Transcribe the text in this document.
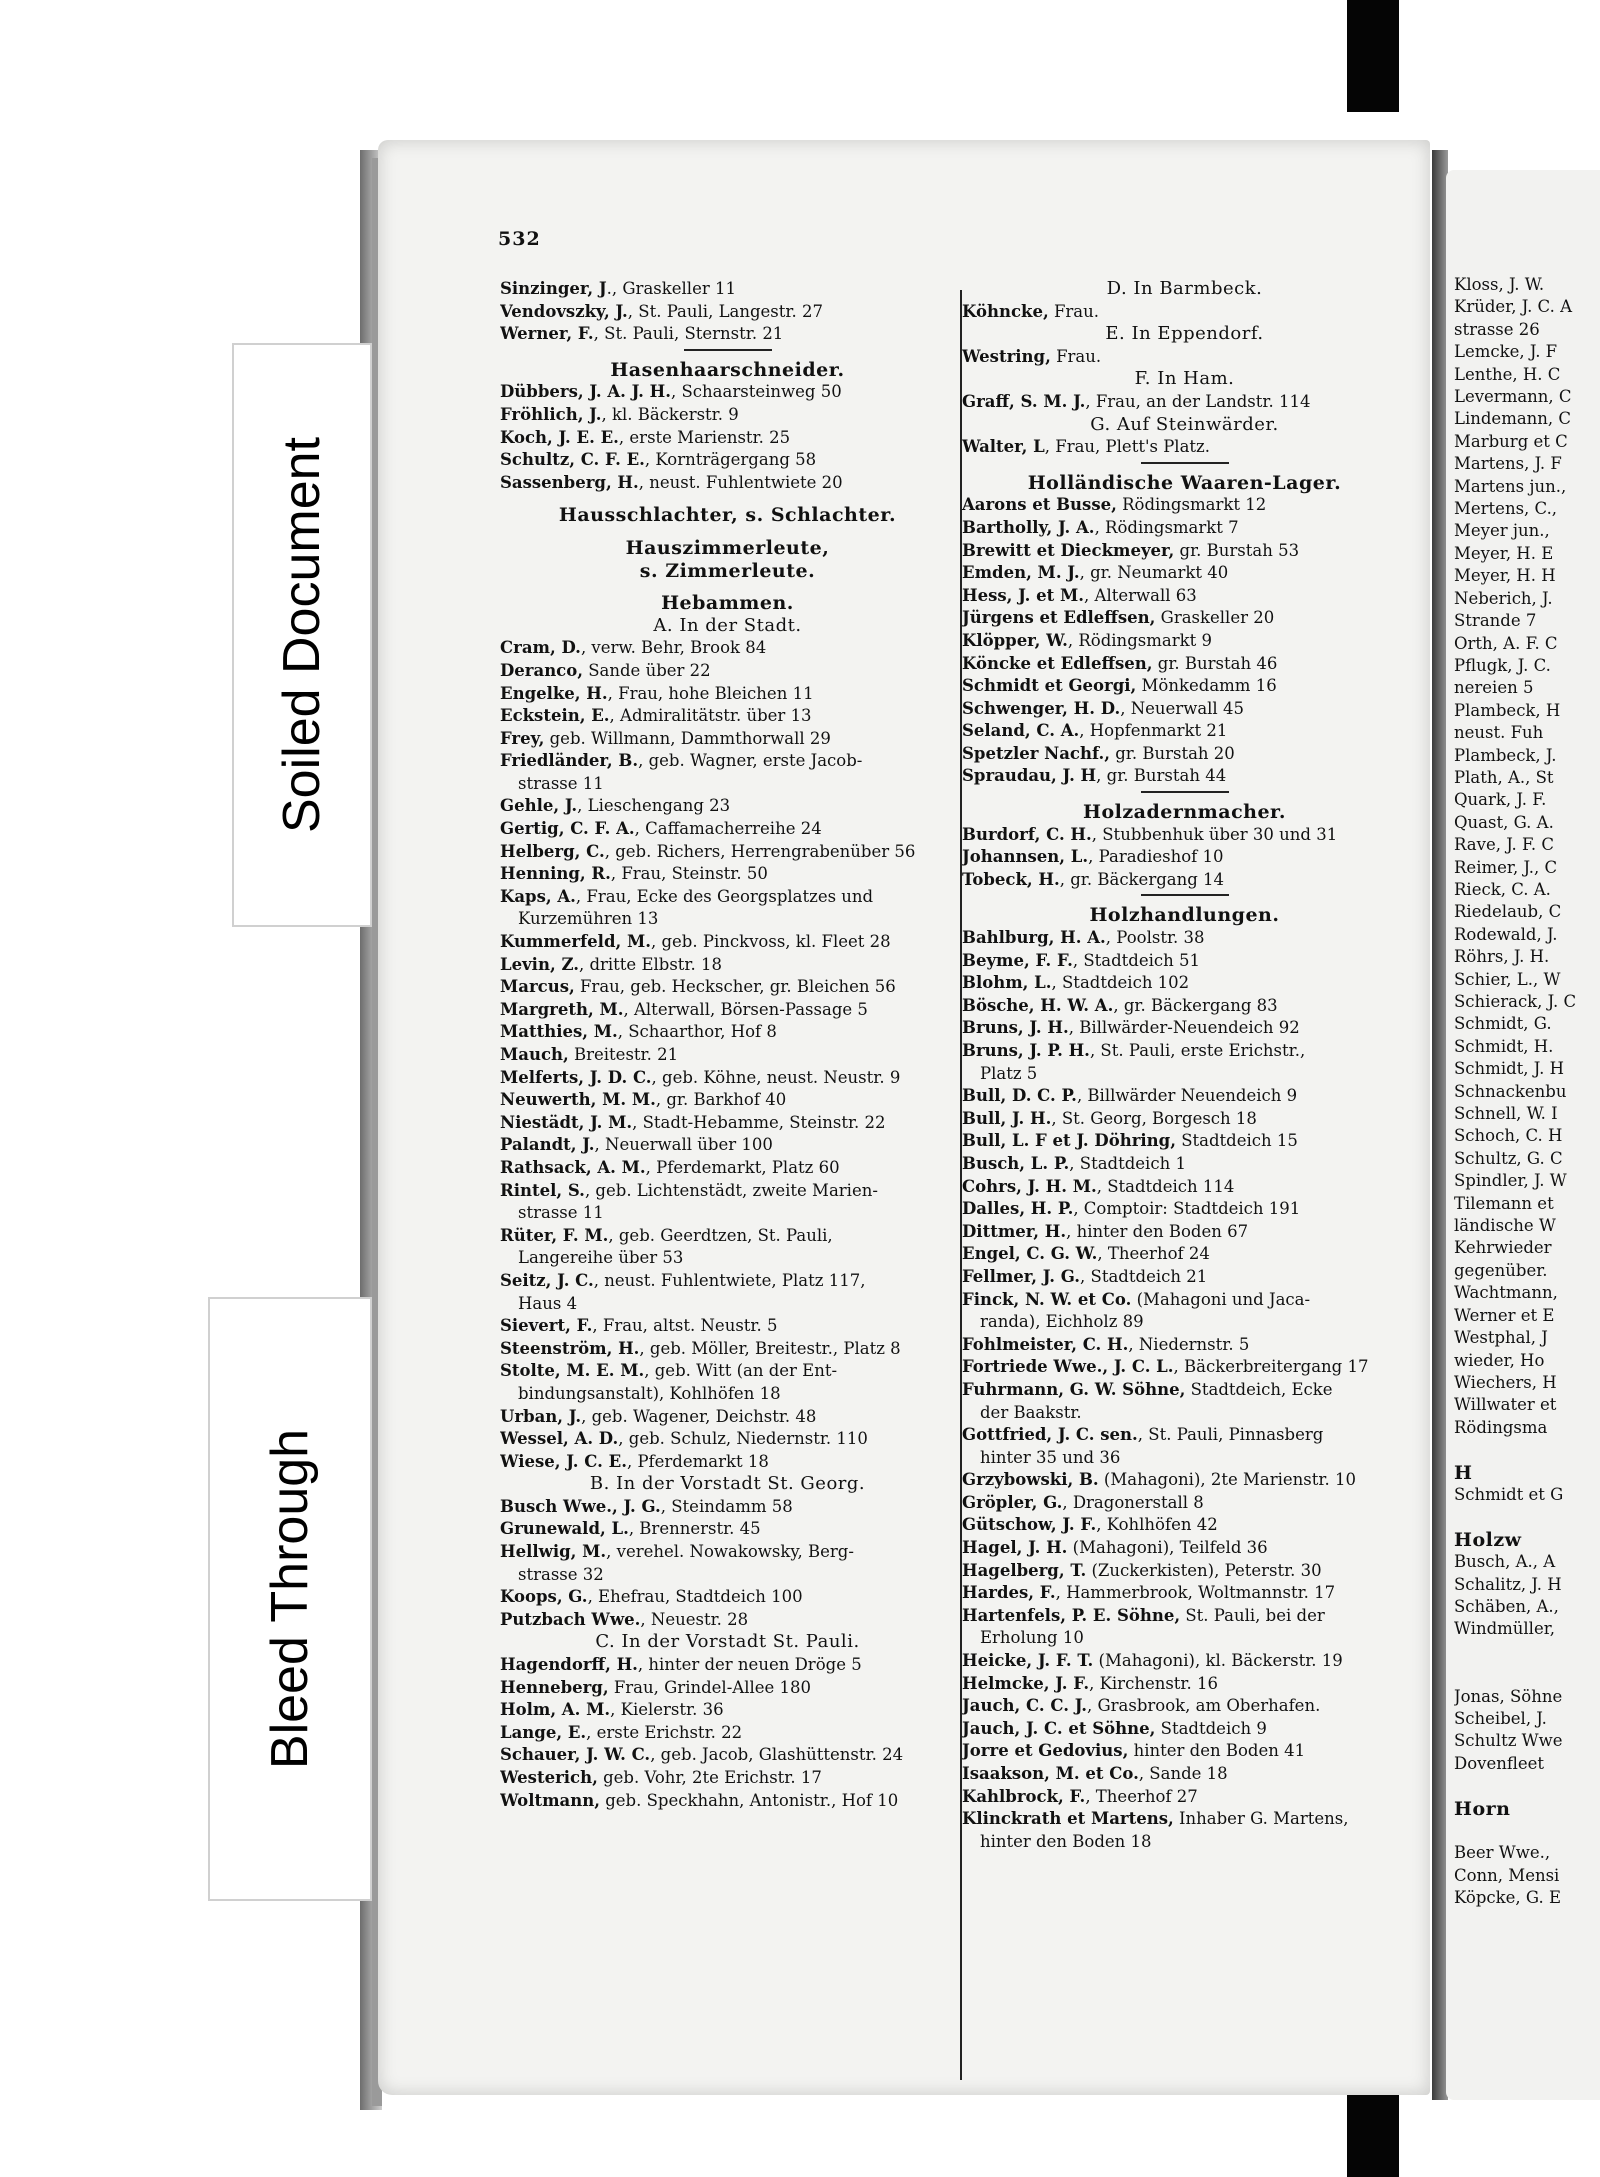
532
Sinzinger, J., Graskeller 11
Vendovszky, J., St. Pauli, Langestr. 27
Werner, F., St. Pauli, Sternstr. 21
Hasenhaarschneider.
Dübbers, J. A. J. H., Schaarsteinweg 50
Fröhlich, J., kl. Bäckerstr. 9
Koch, J. E. E., erste Marienstr. 25
Schultz, C. F. E., Kornträgergang 58
Sassenberg, H., neust. Fuhlentwiete 20
Hausschlachter, s. Schlachter.
Hauszimmerleute,
s. Zimmerleute.
Hebammen.
A. In der Stadt.
Cram, D., verw. Behr, Brook 84
Deranco, Sande über 22
Engelke, H., Frau, hohe Bleichen 11
Eckstein, E., Admiralitätstr. über 13
Frey, geb. Willmann, Dammthorwall 29
Friedländer, B., geb. Wagner, erste Jacob-
strasse 11
Gehle, J., Lieschengang 23
Gertig, C. F. A., Caffamacherreihe 24
Helberg, C., geb. Richers, Herrengrabenüber 56
Henning, R., Frau, Steinstr. 50
Kaps, A., Frau, Ecke des Georgsplatzes und
Kurzemühren 13
Kummerfeld, M., geb. Pinckvoss, kl. Fleet 28
Levin, Z., dritte Elbstr. 18
Marcus, Frau, geb. Heckscher, gr. Bleichen 56
Margreth, M., Alterwall, Börsen-Passage 5
Matthies, M., Schaarthor, Hof 8
Mauch, Breitestr. 21
Melferts, J. D. C., geb. Köhne, neust. Neustr. 9
Neuwerth, M. M., gr. Barkhof 40
Niestädt, J. M., Stadt-Hebamme, Steinstr. 22
Palandt, J., Neuerwall über 100
Rathsack, A. M., Pferdemarkt, Platz 60
Rintel, S., geb. Lichtenstädt, zweite Marien-
strasse 11
Rüter, F. M., geb. Geerdtzen, St. Pauli,
Langereihe über 53
Seitz, J. C., neust. Fuhlentwiete, Platz 117,
Haus 4
Sievert, F., Frau, altst. Neustr. 5
Steenström, H., geb. Möller, Breitestr., Platz 8
Stolte, M. E. M., geb. Witt (an der Ent-
bindungsanstalt), Kohlhöfen 18
Urban, J., geb. Wagener, Deichstr. 48
Wessel, A. D., geb. Schulz, Niedernstr. 110
Wiese, J. C. E., Pferdemarkt 18
B. In der Vorstadt St. Georg.
Busch Wwe., J. G., Steindamm 58
Grunewald, L., Brennerstr. 45
Hellwig, M., verehel. Nowakowsky, Berg-
strasse 32
Koops, G., Ehefrau, Stadtdeich 100
Putzbach Wwe., Neuestr. 28
C. In der Vorstadt St. Pauli.
Hagendorff, H., hinter der neuen Dröge 5
Henneberg, Frau, Grindel-Allee 180
Holm, A. M., Kielerstr. 36
Lange, E., erste Erichstr. 22
Schauer, J. W. C., geb. Jacob, Glashüttenstr. 24
Westerich, geb. Vohr, 2te Erichstr. 17
Woltmann, geb. Speckhahn, Antonistr., Hof 10
D. In Barmbeck.
Köhncke, Frau.
E. In Eppendorf.
Westring, Frau.
F. In Ham.
Graff, S. M. J., Frau, an der Landstr. 114
G. Auf Steinwärder.
Walter, L, Frau, Plett's Platz.
Holländische Waaren-Lager.
Aarons et Busse, Rödingsmarkt 12
Bartholly, J. A., Rödingsmarkt 7
Brewitt et Dieckmeyer, gr. Burstah 53
Emden, M. J., gr. Neumarkt 40
Hess, J. et M., Alterwall 63
Jürgens et Edleffsen, Graskeller 20
Klöpper, W., Rödingsmarkt 9
Köncke et Edleffsen, gr. Burstah 46
Schmidt et Georgi, Mönkedamm 16
Schwenger, H. D., Neuerwall 45
Seland, C. A., Hopfenmarkt 21
Spetzler Nachf., gr. Burstah 20
Spraudau, J. H, gr. Burstah 44
Holzadernmacher.
Burdorf, C. H., Stubbenhuk über 30 und 31
Johannsen, L., Paradieshof 10
Tobeck, H., gr. Bäckergang 14
Holzhandlungen.
Bahlburg, H. A., Poolstr. 38
Beyme, F. F., Stadtdeich 51
Blohm, L., Stadtdeich 102
Bösche, H. W. A., gr. Bäckergang 83
Bruns, J. H., Billwärder-Neuendeich 92
Bruns, J. P. H., St. Pauli, erste Erichstr.,
Platz 5
Bull, D. C. P., Billwärder Neuendeich 9
Bull, J. H., St. Georg, Borgesch 18
Bull, L. F et J. Döhring, Stadtdeich 15
Busch, L. P., Stadtdeich 1
Cohrs, J. H. M., Stadtdeich 114
Dalles, H. P., Comptoir: Stadtdeich 191
Dittmer, H., hinter den Boden 67
Engel, C. G. W., Theerhof 24
Fellmer, J. G., Stadtdeich 21
Finck, N. W. et Co. (Mahagoni und Jaca-
randa), Eichholz 89
Fohlmeister, C. H., Niedernstr. 5
Fortriede Wwe., J. C. L., Bäckerbreitergang 17
Fuhrmann, G. W. Söhne, Stadtdeich, Ecke
der Baakstr.
Gottfried, J. C. sen., St. Pauli, Pinnasberg
hinter 35 und 36
Grzybowski, B. (Mahagoni), 2te Marienstr. 10
Gröpler, G., Dragonerstall 8
Gütschow, J. F., Kohlhöfen 42
Hagel, J. H. (Mahagoni), Teilfeld 36
Hagelberg, T. (Zuckerkisten), Peterstr. 30
Hardes, F., Hammerbrook, Woltmannstr. 17
Hartenfels, P. E. Söhne, St. Pauli, bei der
Erholung 10
Heicke, J. F. T. (Mahagoni), kl. Bäckerstr. 19
Helmcke, J. F., Kirchenstr. 16
Jauch, C. C. J., Grasbrook, am Oberhafen.
Jauch, J. C. et Söhne, Stadtdeich 9
Jorre et Gedovius, hinter den Boden 41
Isaakson, M. et Co., Sande 18
Kahlbrock, F., Theerhof 27
Klinckrath et Martens, Inhaber G. Martens,
hinter den Boden 18
Kloss, J. W.
Krüder, J. C. A
strasse 26
Lemcke, J. F
Lenthe, H. C
Levermann, C
Lindemann, C
Marburg et C
Martens, J. F
Martens jun.,
Mertens, C.,
Meyer jun.,
Meyer, H. E
Meyer, H. H
Neberich, J.
Strande 7
Orth, A. F. C
Pflugk, J. C.
nereien 5
Plambeck, H
neust. Fuh
Plambeck, J.
Plath, A., St
Quark, J. F.
Quast, G. A.
Rave, J. F. C
Reimer, J., C
Rieck, C. A.
Riedelaub, C
Rodewald, J.
Röhrs, J. H.
Schier, L., W
Schierack, J. C
Schmidt, G.
Schmidt, H.
Schmidt, J. H
Schnackenbu
Schnell, W. I
Schoch, C. H
Schultz, G. C
Spindler, J. W
Tilemann et
ländische W
Kehrwieder
gegenüber.
Wachtmann,
Werner et E
Westphal, J
wieder, Ho
Wiechers, H
Willwater et
Rödingsma

H
Schmidt et G

Holzw
Busch, A., A
Schalitz, J. H
Schäben, A.,
Windmüller,

Jonas, Söhne
Scheibel, J.
Schultz Wwe
Dovenfleet

Horn

Beer Wwe.,
Conn, Mensi
Köpcke, G. E
Soiled Document
Bleed Through
